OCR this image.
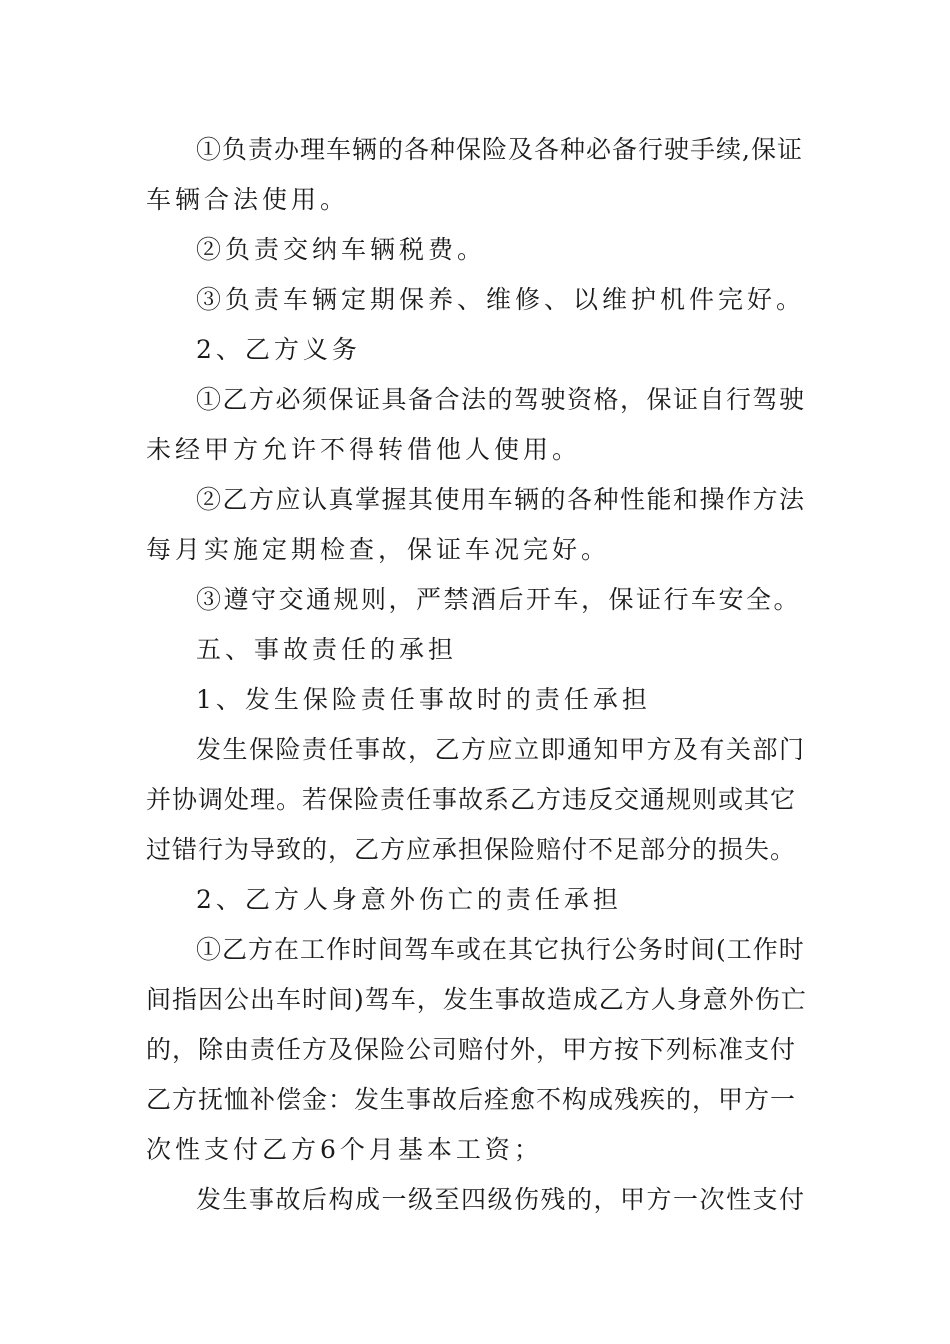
①负责办理车辆的各种保险及各种必备行驶手续,保证
车辆合法使用。
②负责交纳车辆税费。
③负责车辆定期保养、维修、以维护机件完好。
2、乙方义务
①乙方必须保证具备合法的驾驶资格，保证自行驾驶
未经甲方允许不得转借他人使用。
②乙方应认真掌握其使用车辆的各种性能和操作方法
每月实施定期检查，保证车况完好。
③遵守交通规则，严禁酒后开车，保证行车安全。
五、事故责任的承担
1、发生保险责任事故时的责任承担
发生保险责任事故，乙方应立即通知甲方及有关部门
并协调处理。若保险责任事故系乙方违反交通规则或其它
过错行为导致的，乙方应承担保险赔付不足部分的损失。
2、乙方人身意外伤亡的责任承担
①乙方在工作时间驾车或在其它执行公务时间(工作时
间指因公出车时间)驾车，发生事故造成乙方人身意外伤亡
的，除由责任方及保险公司赔付外，甲方按下列标准支付
乙方抚恤补偿金：发生事故后痊愈不构成残疾的，甲方一
次性支付乙方6个月基本工资；
发生事故后构成一级至四级伤残的，甲方一次性支付
